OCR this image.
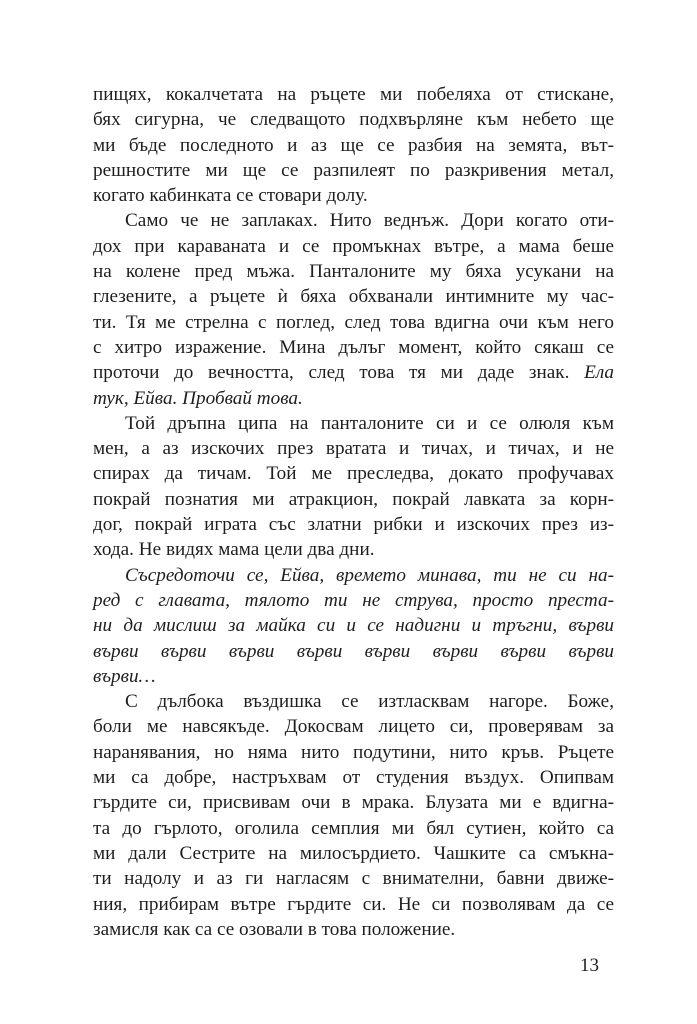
пищях, кокалчетата на ръцете ми побеляха от стискане,
бях сигурна, че следващото подхвърляне към небето ще
ми бъде последното и аз ще се разбия на земята, вът-
решностите ми ще се разпилеят по разкривения метал,
когато кабинката се стовари долу.
Само че не заплаках. Нито веднъж. Дори когато оти-
дох при караваната и се промъкнах вътре, а мама беше
на колене пред мъжа. Панталоните му бяха усукани на
глезените, а ръцете ѝ бяха обхванали интимните му час-
ти. Тя ме стрелна с поглед, след това вдигна очи към него
с хитро изражение. Мина дълъг момент, който сякаш се
проточи до вечността, след това тя ми даде знак. Ела
тук, Ейва. Пробвай това.
Той дръпна ципа на панталоните си и се олюля към
мен, а аз изскочих през вратата и тичах, и тичах, и не
спирах да тичам. Той ме преследва, докато профучавах
покрай познатия ми атракцион, покрай лавката за корн-
дог, покрай играта със златни рибки и изскочих през из-
хода. Не видях мама цели два дни.
Съсредоточи се, Ейва, времето минава, ти не си на-
ред с главата, тялото ти не струва, просто преста-
ни да мислиш за майка си и се надигни и тръгни, върви
върви върви върви върви върви върви върви върви
върви…
С дълбока въздишка се изтласквам нагоре. Боже,
боли ме навсякъде. Докосвам лицето си, проверявам за
наранявания, но няма нито подутини, нито кръв. Ръцете
ми са добре, настръхвам от студения въздух. Опипвам
гърдите си, присвивам очи в мрака. Блузата ми е вдигна-
та до гърлото, оголила семплия ми бял сутиен, който са
ми дали Сестрите на милосърдието. Чашките са смъкна-
ти надолу и аз ги нагласям с внимателни, бавни движе-
ния, прибирам вътре гърдите си. Не си позволявам да се
замисля как са се озовали в това положение.
13
